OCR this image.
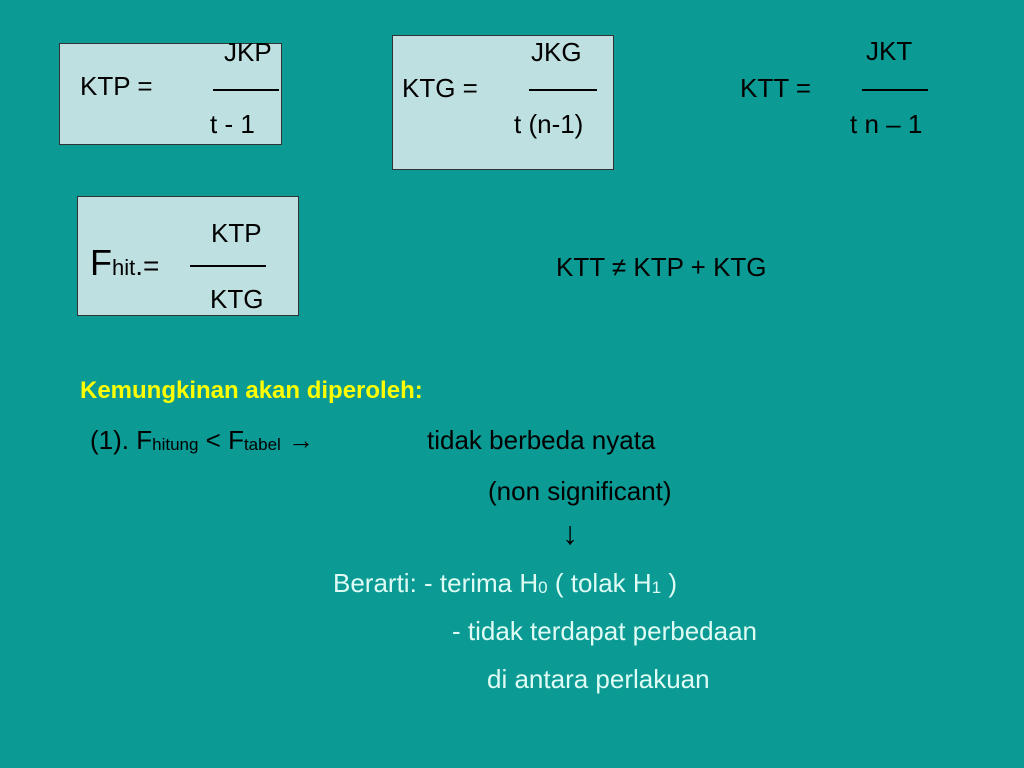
KTP =
JKP
t - 1
KTG =
JKG
t (n-1)
KTT =
JKT
t n – 1
Fhit.=
KTP
KTG
KTT ≠ KTP + KTG
Kemungkinan akan diperoleh:
(1). $F_{hitung} < F_{tabel}$ →	tidak berbeda nyata
(non significant)
↓
Berarti: - terima $H_0$ ( tolak $H_1$ )
- tidak terdapat perbedaan
di antara perlakuan
